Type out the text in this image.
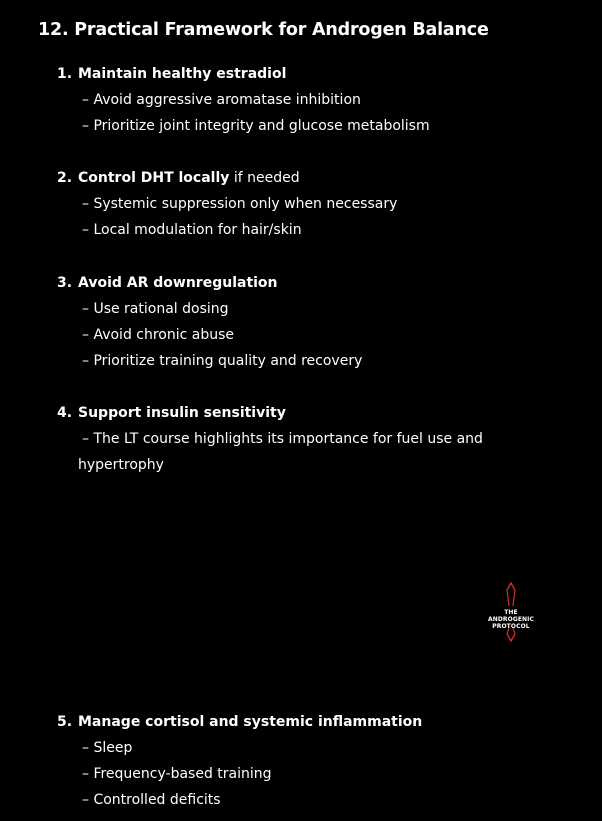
12. Practical Framework for Androgen Balance
1. Maintain healthy estradiol
– Avoid aggressive aromatase inhibition
– Prioritize joint integrity and glucose metabolism
2. Control DHT locally if needed
– Systemic suppression only when necessary
– Local modulation for hair/skin
3. Avoid AR downregulation
– Use rational dosing
– Avoid chronic abuse
– Prioritize training quality and recovery
4. Support insulin sensitivity
– The LT course highlights its importance for fuel use and
hypertrophy
THE
ANDROGENIC
PROTOCOL
5. Manage cortisol and systemic inflammation
– Sleep
– Frequency-based training
– Controlled deficits
